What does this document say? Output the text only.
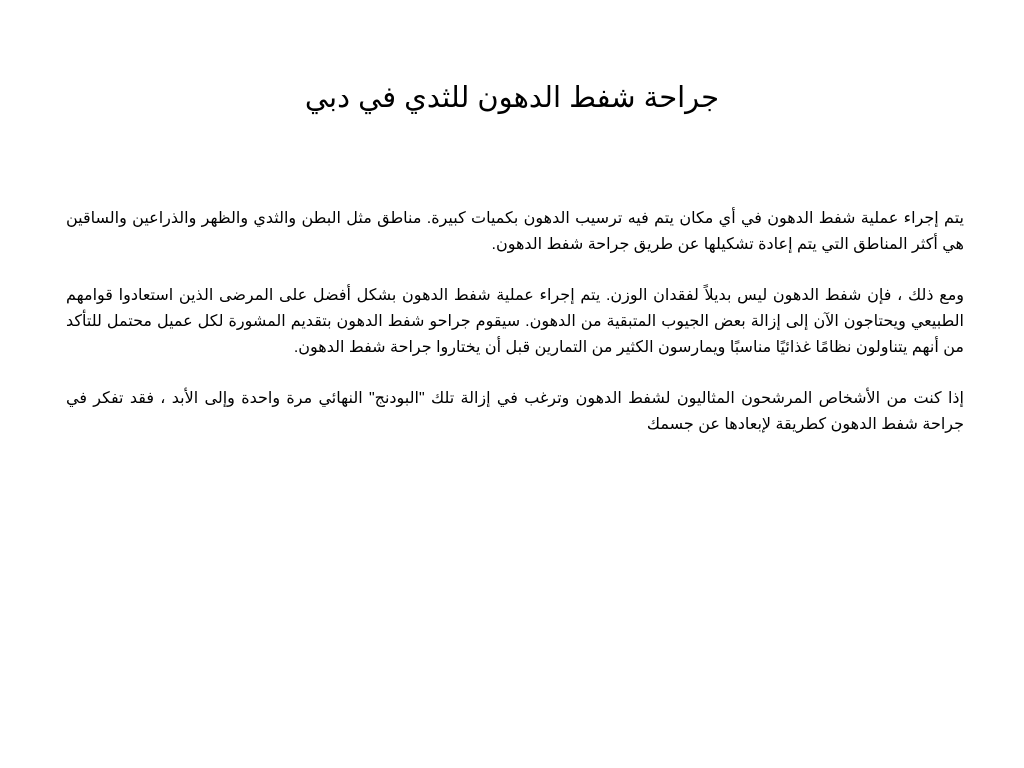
جراحة شفط الدهون للثدي في دبي

يتم إجراء عملية شفط الدهون في أي مكان يتم فيه ترسيب الدهون بكميات كبيرة. مناطق مثل البطن والثدي والظهر والذراعين والساقين هي أكثر المناطق التي يتم إعادة تشكيلها عن طريق جراحة شفط الدهون.

ومع ذلك ، فإن شفط الدهون ليس بديلاً لفقدان الوزن. يتم إجراء عملية شفط الدهون بشكل أفضل على المرضى الذين استعادوا قوامهم الطبيعي ويحتاجون الآن إلى إزالة بعض الجيوب المتبقية من الدهون. سيقوم جراحو شفط الدهون بتقديم المشورة لكل عميل محتمل للتأكد من أنهم يتناولون نظامًا غذائيًا مناسبًا ويمارسون الكثير من التمارين قبل أن يختاروا جراحة شفط الدهون.

إذا كنت من الأشخاص المرشحون المثاليون لشفط الدهون وترغب في إزالة تلك "البودنج" النهائي مرة واحدة وإلى الأبد ، فقد تفكر في جراحة شفط الدهون كطريقة لإبعادها عن جسمك
